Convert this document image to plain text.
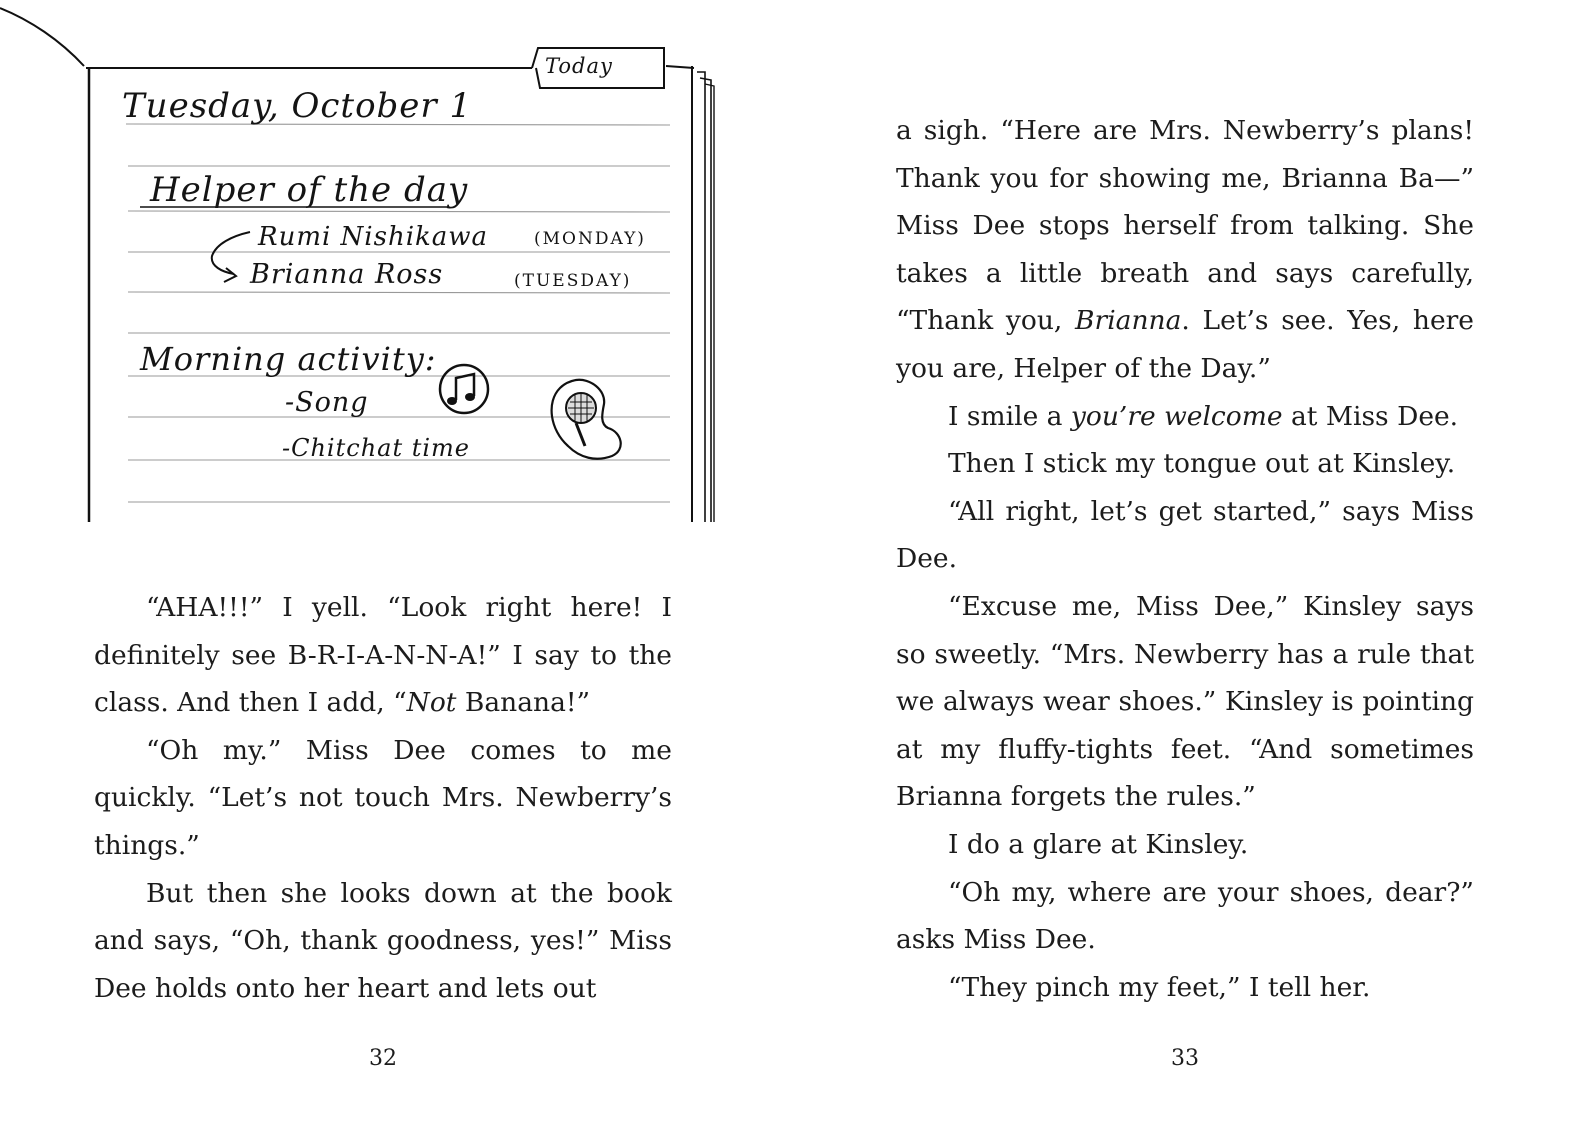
Today
Tuesday, October 1
Helper of the day
Rumi Nishikawa	(MONDAY)
Brianna Ross	(TUESDAY)
Morning activity:
-Song
-Chitchat time

“AHA!!!” I yell. “Look right here! I definitely see B-R-I-A-N-N-A!” I say to the class. And then I add, “Not Banana!”

“Oh my.” Miss Dee comes to me quickly. “Let’s not touch Mrs. Newberry’s things.”

But then she looks down at the book and says, “Oh, thank goodness, yes!” Miss Dee holds onto her heart and lets out

32

a sigh. “Here are Mrs. Newberry’s plans! Thank you for showing me, Brianna Ba—” Miss Dee stops herself from talking. She takes a little breath and says carefully, “Thank you, Brianna. Let’s see. Yes, here you are, Helper of the Day.”

I smile a you’re welcome at Miss Dee.

Then I stick my tongue out at Kinsley.

“All right, let’s get started,” says Miss Dee.

“Excuse me, Miss Dee,” Kinsley says so sweetly. “Mrs. Newberry has a rule that we always wear shoes.” Kinsley is pointing at my fluffy-tights feet. “And sometimes Brianna forgets the rules.”

I do a glare at Kinsley.

“Oh my, where are your shoes, dear?” asks Miss Dee.

“They pinch my feet,” I tell her.

33
